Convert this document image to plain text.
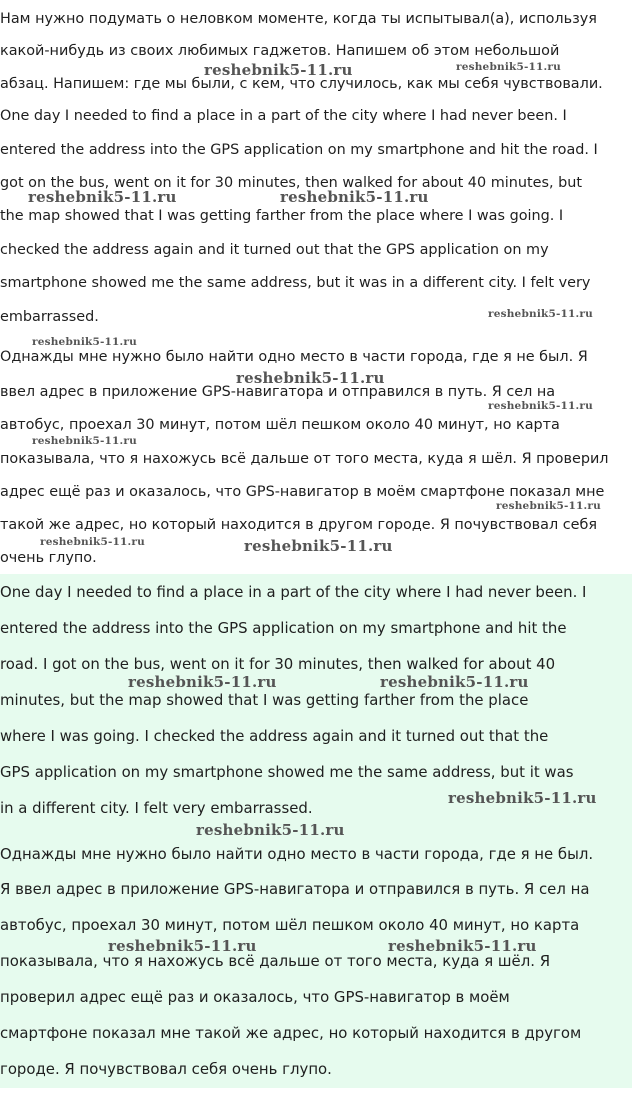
Нам нужно подумать о неловком моменте, когда ты испытывал(а), используя
какой-нибудь из своих любимых гаджетов. Напишем об этом небольшой
абзац. Напишем: где мы были, с кем, что случилось, как мы себя чувствовали.
One day I needed to find a place in a part of the city where I had never been. I
entered the address into the GPS application on my smartphone and hit the road. I
got on the bus, went on it for 30 minutes, then walked for about 40 minutes, but
the map showed that I was getting farther from the place where I was going. I
checked the address again and it turned out that the GPS application on my
smartphone showed me the same address, but it was in a different city. I felt very
embarrassed.
Однажды мне нужно было найти одно место в части города, где я не был. Я
ввел адрес в приложение GPS-навигатора и отправился в путь. Я сел на
автобус, проехал 30 минут, потом шёл пешком около 40 минут, но карта
показывала, что я нахожусь всё дальше от того места, куда я шёл. Я проверил
адрес ещё раз и оказалось, что GPS-навигатор в моём смартфоне показал мне
такой же адрес, но который находится в другом городе. Я почувствовал себя
очень глупо.
One day I needed to find a place in a part of the city where I had never been. I
entered the address into the GPS application on my smartphone and hit the
road. I got on the bus, went on it for 30 minutes, then walked for about 40
minutes, but the map showed that I was getting farther from the place
where I was going. I checked the address again and it turned out that the
GPS application on my smartphone showed me the same address, but it was
in a different city. I felt very embarrassed.
Однажды мне нужно было найти одно место в части города, где я не был.
Я ввел адрес в приложение GPS-навигатора и отправился в путь. Я сел на
автобус, проехал 30 минут, потом шёл пешком около 40 минут, но карта
показывала, что я нахожусь всё дальше от того места, куда я шёл. Я
проверил адрес ещё раз и оказалось, что GPS-навигатор в моём
смартфоне показал мне такой же адрес, но который находится в другом
городе. Я почувствовал себя очень глупо.
reshebnik5-11.ru	reshebnik5-11.ru
reshebnik5-11.ru	reshebnik5-11.ru
reshebnik5-11.ru
reshebnik5-11.ru
reshebnik5-11.ru
reshebnik5-11.ru
reshebnik5-11.ru
reshebnik5-11.ru
reshebnik5-11.ru	reshebnik5-11.ru
reshebnik5-11.ru	reshebnik5-11.ru
reshebnik5-11.ru
reshebnik5-11.ru
reshebnik5-11.ru	reshebnik5-11.ru
